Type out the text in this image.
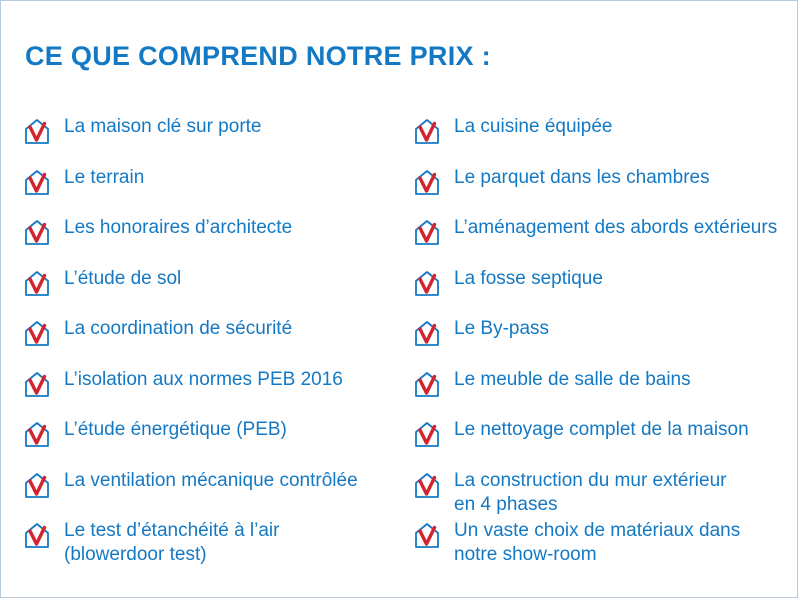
CE QUE COMPREND NOTRE PRIX :
La maison clé sur porte
Le terrain
Les honoraires d’architecte
L’étude de sol
La coordination de sécurité
L’isolation aux normes PEB 2016
L’étude énergétique (PEB)
La ventilation mécanique contrôlée
Le test d’étanchéité à l’air
(blowerdoor test)
La cuisine équipée
Le parquet dans les chambres
L’aménagement des abords extérieurs
La fosse septique
Le By-pass
Le meuble de salle de bains
Le nettoyage complet de la maison
La construction du mur extérieur
en 4 phases
Un vaste choix de matériaux dans
notre show-room
